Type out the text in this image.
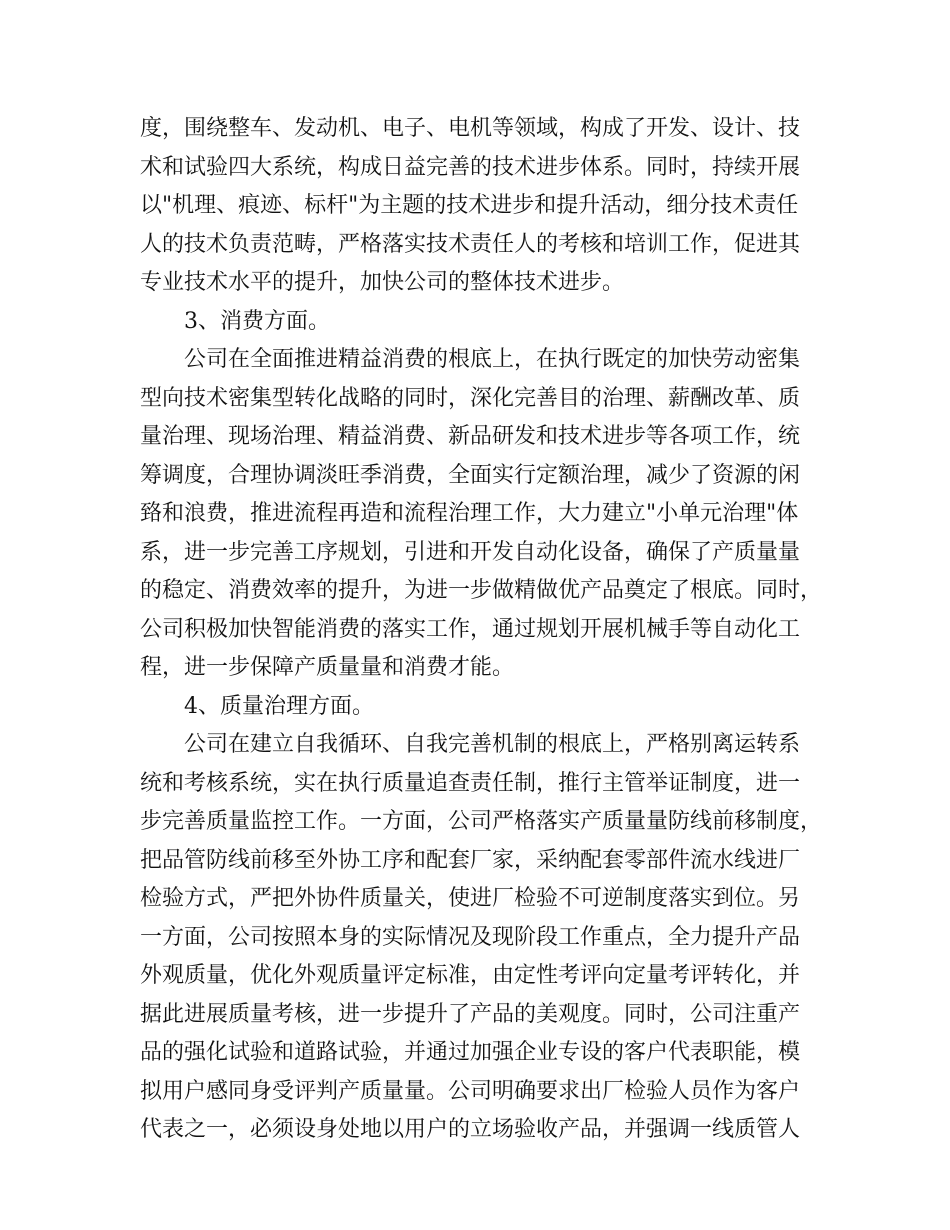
度，围绕整车、发动机、电子、电机等领域，构成了开发、设计、技
术和试验四大系统，构成日益完善的技术进步体系。同时，持续开展
以"机理、痕迹、标杆"为主题的技术进步和提升活动，细分技术责任
人的技术负责范畴，严格落实技术责任人的考核和培训工作，促进其
专业技术水平的提升，加快公司的整体技术进步。
3、消费方面。
公司在全面推进精益消费的根底上，在执行既定的加快劳动密集
型向技术密集型转化战略的同时，深化完善目的治理、薪酬改革、质
量治理、现场治理、精益消费、新品研发和技术进步等各项工作，统
筹调度，合理协调淡旺季消费，全面实行定额治理，减少了资源的闲
臵和浪费，推进流程再造和流程治理工作，大力建立"小单元治理"体
系，进一步完善工序规划，引进和开发自动化设备，确保了产质量量
的稳定、消费效率的提升，为进一步做精做优产品奠定了根底。同时，
公司积极加快智能消费的落实工作，通过规划开展机械手等自动化工
程，进一步保障产质量量和消费才能。
4、质量治理方面。
公司在建立自我循环、自我完善机制的根底上，严格别离运转系
统和考核系统，实在执行质量追查责任制，推行主管举证制度，进一
步完善质量监控工作。一方面，公司严格落实产质量量防线前移制度，
把品管防线前移至外协工序和配套厂家，采纳配套零部件流水线进厂
检验方式，严把外协件质量关，使进厂检验不可逆制度落实到位。另
一方面，公司按照本身的实际情况及现阶段工作重点，全力提升产品
外观质量，优化外观质量评定标准，由定性考评向定量考评转化，并
据此进展质量考核，进一步提升了产品的美观度。同时，公司注重产
品的强化试验和道路试验，并通过加强企业专设的客户代表职能，模
拟用户感同身受评判产质量量。公司明确要求出厂检验人员作为客户
代表之一，必须设身处地以用户的立场验收产品，并强调一线质管人
